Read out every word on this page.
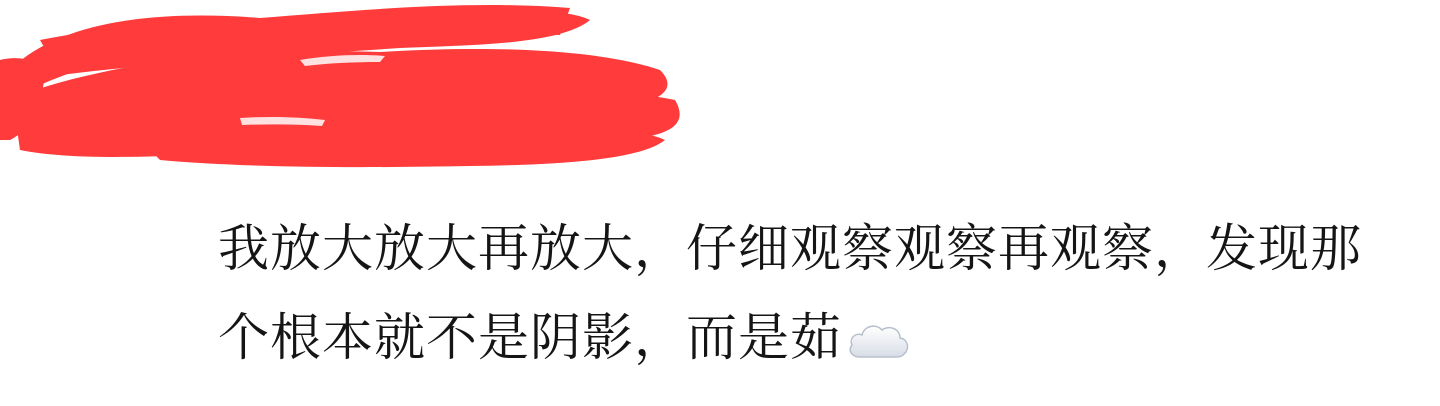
我放大放大再放大，仔细观察观察再观察，发现那
个根本就不是阴影，而是茹
